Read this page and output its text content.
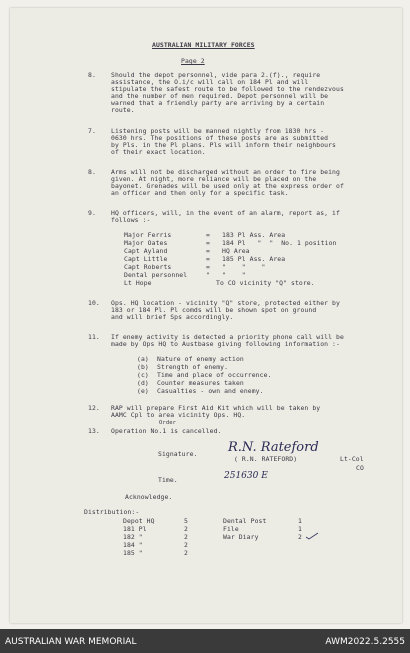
AUSTRALIAN MILITARY FORCES
Page 2
8. Should the depot personnel, vide para 2.(f)., require
assistance, the O.i/c will call on 184 Pl and will
stipulate the safest route to be followed to the rendezvous
and the number of men required. Depot personnel will be
warned that a friendly party are arriving by a certain
route.
7. Listening posts will be manned nightly from 1830 hrs -
0630 hrs. The positions of these posts are as submitted
by Pls. in the Pl plans. Pls will inform their neighbours
of their exact location.
8. Arms will not be discharged without an order to fire being
given. At night, more reliance will be placed on the
bayonet. Grenades will be used only at the express order of
an officer and then only for a specific task.
9. HQ officers, will, in the event of an alarm, report as, if
follows :-
Major Ferris	= 183 Pl Ass. Area
Major Oates	= 184 Pl   "  "  No. 1 position
Capt Ayland	= HQ Area
Capt Little	= 185 Pl Ass. Area
Capt Roberts	= "    "    "
Dental personnel	" "    "
Lt Hope	To CO vicinity "Q" store.
10. Ops. HQ location - vicinity "Q" store, protected either by
183 or 184 Pl. Pl comds will be shown spot on ground
and will brief Sps accordingly.
11. If enemy activity is detected a priority phone call will be
made by Ops HQ to Austbase giving following information :-
(a) Nature of enemy action
(b) Strength of enemy.
(c) Time and place of occurrence.
(d) Counter measures taken
(e) Casualties - own and enemy.
12. RAP will prepare First Aid Kit which will be taken by
AAMC Cpl to area vicinity Ops. HQ.
13.
Order
Operation No.1 is cancelled.
Signature. R.N. Rateford
( R.N. RATEFORD)	Lt-Col
CO
Time.	251630 E
Acknowledge.
Distribution:-
Depot HQ	5
181 Pl	2
182 "	2
184 "	2
185 "	2
Dental Post	1
File	1
War Diary	2
AUSTRALIAN WAR MEMORIAL	AWM2022.5.2555
